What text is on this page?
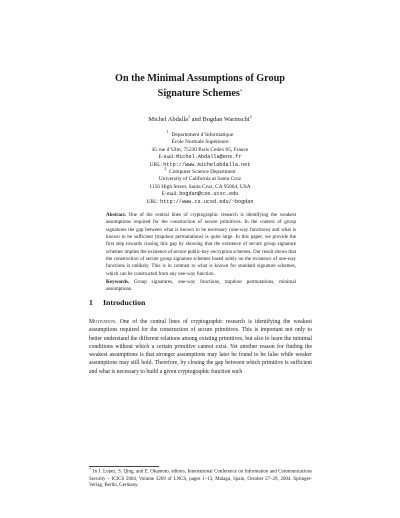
On the Minimal Assumptions of Group
Signature Schemes⋆
Michel Abdalla$^1$ and Bogdan Warinschi$^2$
$^1$  Departement d’Informatique
École Normale Supérieure
45 rue d’Ulm, 75230 Paris Cedex 05, France
E-mail: Michel.Abdalla@ens.fr
URL: http://www.michelabdalla.net
$^2$  Computer Science Department
University of California at Santa Cruz
1156 High Street, Santa Cruz, CA 95064, USA
E-mail: bogdan@cse.ucsc.edu
URL: http://www.cs.ucsd.edu/~bogdan
Abstract. One of the central lines of cryptographic research is identifying the weakest assumptions required for the construction of secure primitives. In the context of group signatures the gap between what is known to be necessary (one-way functions) and what is known to be sufficient (trapdoor permutations) is quite large. In this paper, we provide the first step towards closing this gap by showing that the existence of secure group signature schemes implies the existence of secure public-key encryption schemes. Our result shows that the construction of secure group signature schemes based solely on the existence of one-way functions is unlikely. This is in contrast to what is known for standard signature schemes, which can be constructed from any one-way function.
Keywords. Group signatures, one-way functions, trapdoor permutations, minimal assumptions.
1 Introduction
Motivation. One of the central lines of cryptographic research is identifying the weakest assumptions required for the construction of secure primitives. This is important not only to better understand the different relations among existing primitives, but also to learn the minimal conditions without which a certain primitive cannot exist. Yet another reason for finding the weakest assumptions is that stronger assumptions may later be found to be false while weaker assumptions may still hold. Therefore, by closing the gap between which primitive is sufficient and what is necessary to build a given cryptographic function such
⋆ In J. Lopez, S. Qing, and E. Okamoto, editors, International Conference on Information and Communications Security – ICICS 2004, Volume 3269 of LNCS, pages 1–13, Malaga, Spain, October 27–29, 2004. Springer-Verlag, Berlin, Germany.
